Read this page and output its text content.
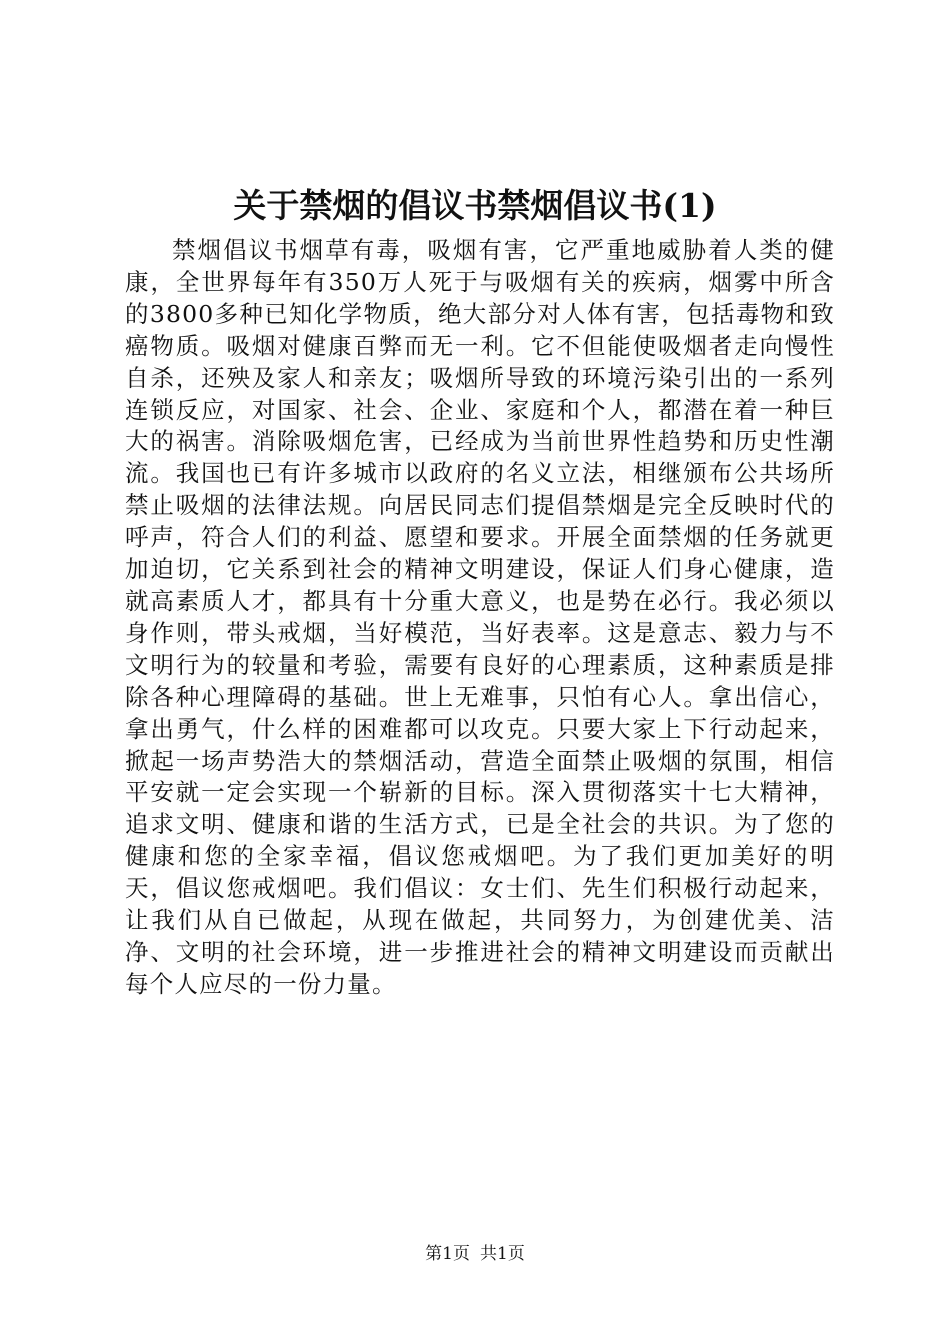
关于禁烟的倡议书禁烟倡议书(1)

禁烟倡议书烟草有毒，吸烟有害，它严重地威胁着人类的健康，全世界每年有350万人死于与吸烟有关的疾病，烟雾中所含的3800多种已知化学物质，绝大部分对人体有害，包括毒物和致癌物质。吸烟对健康百弊而无一利。它不但能使吸烟者走向慢性自杀，还殃及家人和亲友；吸烟所导致的环境污染引出的一系列连锁反应，对国家、社会、企业、家庭和个人，都潜在着一种巨大的祸害。消除吸烟危害，已经成为当前世界性趋势和历史性潮流。我国也已有许多城市以政府的名义立法，相继颁布公共场所禁止吸烟的法律法规。向居民同志们提倡禁烟是完全反映时代的呼声，符合人们的利益、愿望和要求。开展全面禁烟的任务就更加迫切，它关系到社会的精神文明建设，保证人们身心健康，造就高素质人才，都具有十分重大意义，也是势在必行。我必须以身作则，带头戒烟，当好模范，当好表率。这是意志、毅力与不文明行为的较量和考验，需要有良好的心理素质，这种素质是排除各种心理障碍的基础。世上无难事，只怕有心人。拿出信心，拿出勇气，什么样的困难都可以攻克。只要大家上下行动起来，掀起一场声势浩大的禁烟活动，营造全面禁止吸烟的氛围，相信平安就一定会实现一个崭新的目标。深入贯彻落实十七大精神，追求文明、健康和谐的生活方式，已是全社会的共识。为了您的健康和您的全家幸福，倡议您戒烟吧。为了我们更加美好的明天，倡议您戒烟吧。我们倡议：女士们、先生们积极行动起来，让我们从自已做起，从现在做起，共同努力，为创建优美、洁净、文明的社会环境，进一步推进社会的精神文明建设而贡献出每个人应尽的一份力量。

第1页 共1页
